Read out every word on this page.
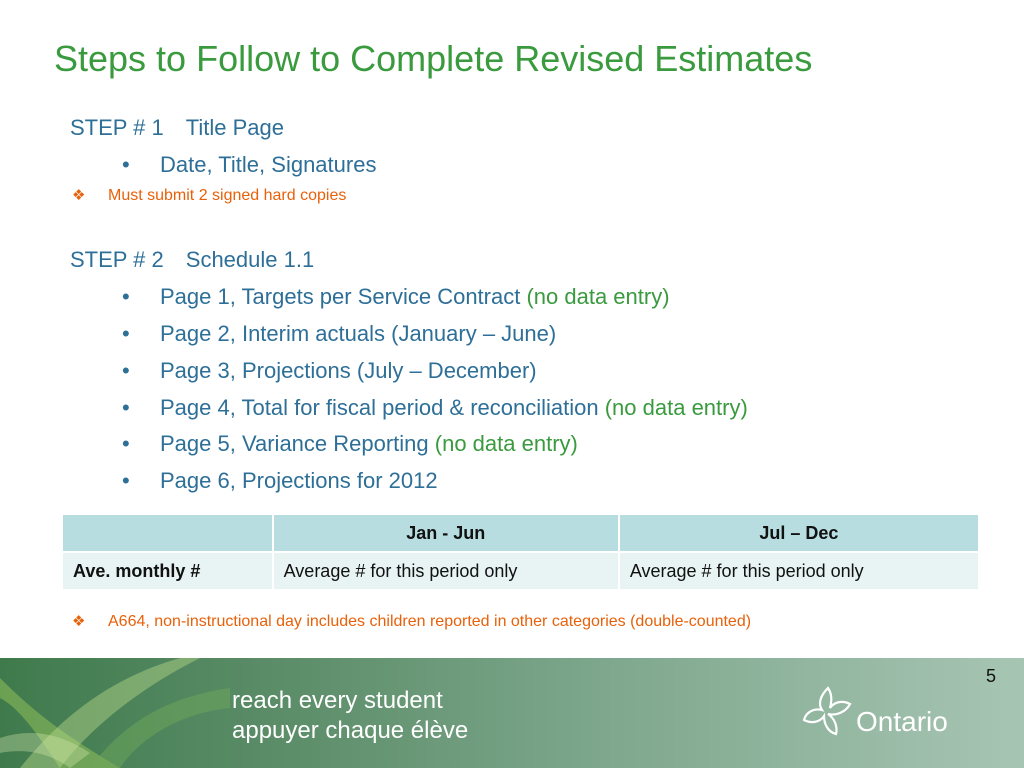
Steps to Follow to Complete Revised Estimates
STEP # 1 Title Page
• Date, Title, Signatures
❖ Must submit 2 signed hard copies
STEP # 2 Schedule 1.1
• Page 1, Targets per Service Contract (no data entry)
• Page 2, Interim actuals (January – June)
• Page 3, Projections (July – December)
• Page 4, Total for fiscal period & reconciliation (no data entry)
• Page 5, Variance Reporting (no data entry)
• Page 6, Projections for 2012
	Jan - Jun	Jul – Dec
Ave. monthly #	Average # for this period only	Average # for this period only
❖ A664, non-instructional day includes children reported in other categories (double-counted)
reach every student
appuyer chaque élève
5
Ontario
